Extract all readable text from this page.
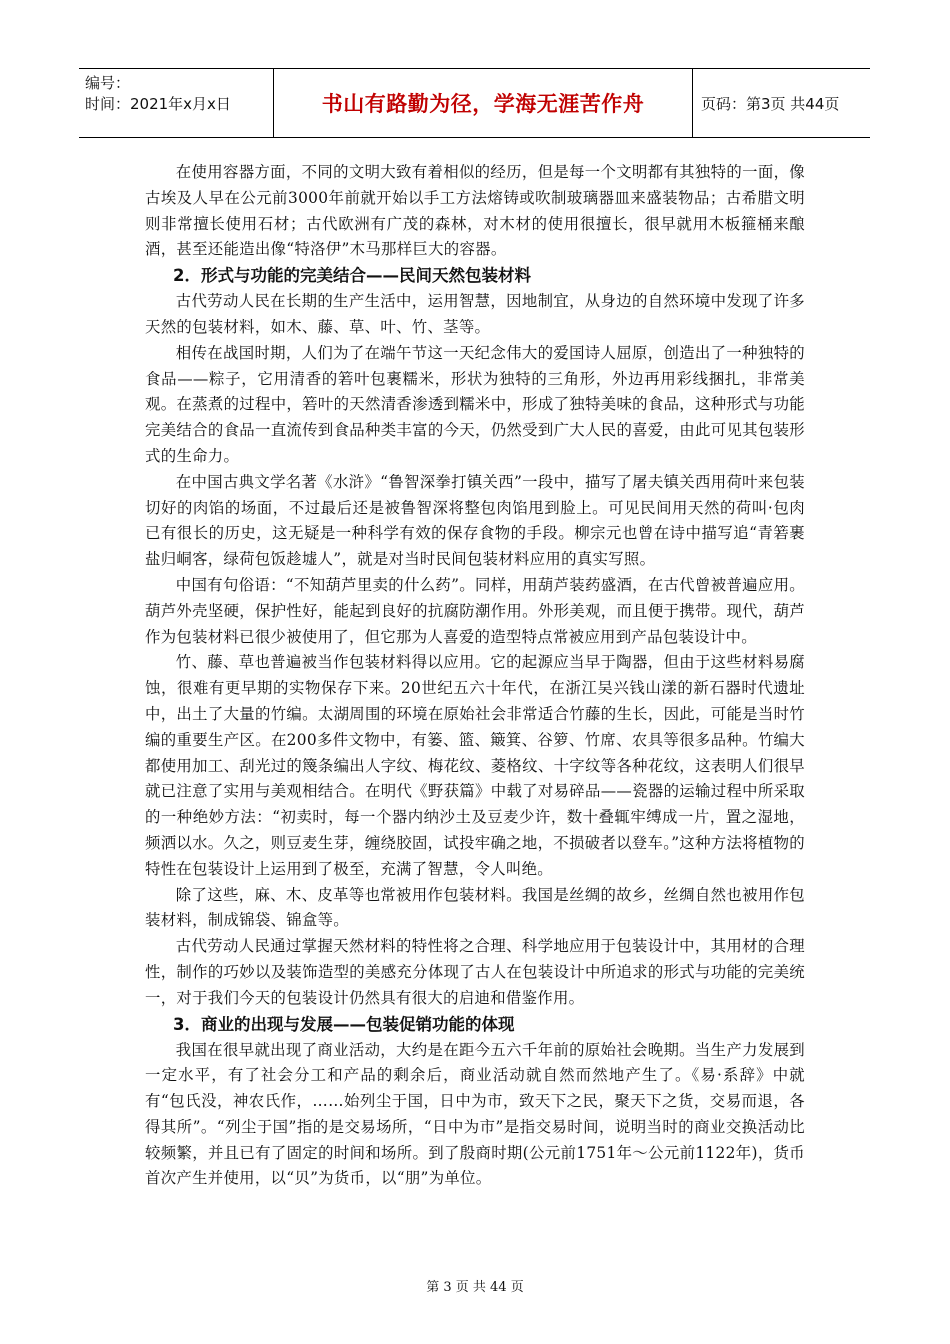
编号：
时间：2021年x月x日	书山有路勤为径，学海无涯苦作舟	页码：第3页 共44页

在使用容器方面，不同的文明大致有着相似的经历，但是每一个文明都有其独特的一面，像古埃及人早在公元前3000年前就开始以手工方法熔铸或吹制玻璃器皿来盛装物品；古希腊文明则非常擅长使用石材；古代欧洲有广茂的森林，对木材的使用很擅长，很早就用木板箍桶来酿酒，甚至还能造出像“特洛伊”木马那样巨大的容器。

2．形式与功能的完美结合——民间天然包装材料

古代劳动人民在长期的生产生活中，运用智慧，因地制宜，从身边的自然环境中发现了许多天然的包装材料，如木、藤、草、叶、竹、茎等。

相传在战国时期，人们为了在端午节这一天纪念伟大的爱国诗人屈原，创造出了一种独特的食品——粽子，它用清香的箬叶包裹糯米，形状为独特的三角形，外边再用彩线捆扎，非常美观。在蒸煮的过程中，箬叶的天然清香渗透到糯米中，形成了独特美味的食品，这种形式与功能完美结合的食品一直流传到食品种类丰富的今天，仍然受到广大人民的喜爱，由此可见其包装形式的生命力。

在中国古典文学名著《水浒》“鲁智深拳打镇关西”一段中，描写了屠夫镇关西用荷叶来包装切好的肉馅的场面，不过最后还是被鲁智深将整包肉馅甩到脸上。可见民间用天然的荷叫·包肉已有很长的历史，这无疑是一种科学有效的保存食物的手段。柳宗元也曾在诗中描写追“青箬裹盐归峒客，绿荷包饭趁墟人”，就是对当时民间包装材料应用的真实写照。

中国有句俗语：“不知葫芦里卖的什么药”。同样，用葫芦装药盛酒，在古代曾被普遍应用。葫芦外壳坚硬，保护性好，能起到良好的抗腐防潮作用。外形美观，而且便于携带。现代，葫芦作为包装材料已很少被使用了，但它那为人喜爱的造型特点常被应用到产品包装设计中。

竹、藤、草也普遍被当作包装材料得以应用。它的起源应当早于陶器，但由于这些材料易腐蚀，很难有更早期的实物保存下来。20世纪五六十年代，在浙江吴兴钱山漾的新石器时代遗址中，出土了大量的竹编。太湖周围的环境在原始社会非常适合竹藤的生长，因此，可能是当时竹编的重要生产区。在200多件文物中，有篓、篮、簸箕、谷箩、竹席、农具等很多品种。竹编大都使用加工、刮光过的篾条编出人字纹、梅花纹、菱格纹、十字纹等各种花纹，这表明人们很早就已注意了实用与美观相结合。在明代《野获篇》中载了对易碎品——瓷器的运输过程中所采取的一种绝妙方法：“初卖时，每一个器内纳沙土及豆麦少许，数十叠辄牢缚成一片，置之湿地，频洒以水。久之，则豆麦生芽，缠绕胶固，试投牢确之地，不损破者以登车。”这种方法将植物的特性在包装设计上运用到了极至，充满了智慧，令人叫绝。

除了这些，麻、木、皮革等也常被用作包装材料。我国是丝绸的故乡，丝绸自然也被用作包装材料，制成锦袋、锦盒等。

古代劳动人民通过掌握天然材料的特性将之合理、科学地应用于包装设计中，其用材的合理性，制作的巧妙以及装饰造型的美感充分体现了古人在包装设计中所追求的形式与功能的完美统一，对于我们今天的包装设计仍然具有很大的启迪和借鉴作用。

3．商业的出现与发展——包装促销功能的体现

我国在很早就出现了商业活动，大约是在距今五六千年前的原始社会晚期。当生产力发展到一定水平，有了社会分工和产品的剩余后，商业活动就自然而然地产生了。《易·系辞》中就有“包氏没，神农氏作，……始列尘于国，日中为市，致天下之民，聚天下之货，交易而退，各得其所”。“列尘于国”指的是交易场所，“日中为市”是指交易时间，说明当时的商业交换活动比较频繁，并且已有了固定的时间和场所。到了殷商时期(公元前1751年～公元前1122年)，货币首次产生并使用，以“贝”为货币，以“朋”为单位。

第 3 页 共 44 页
